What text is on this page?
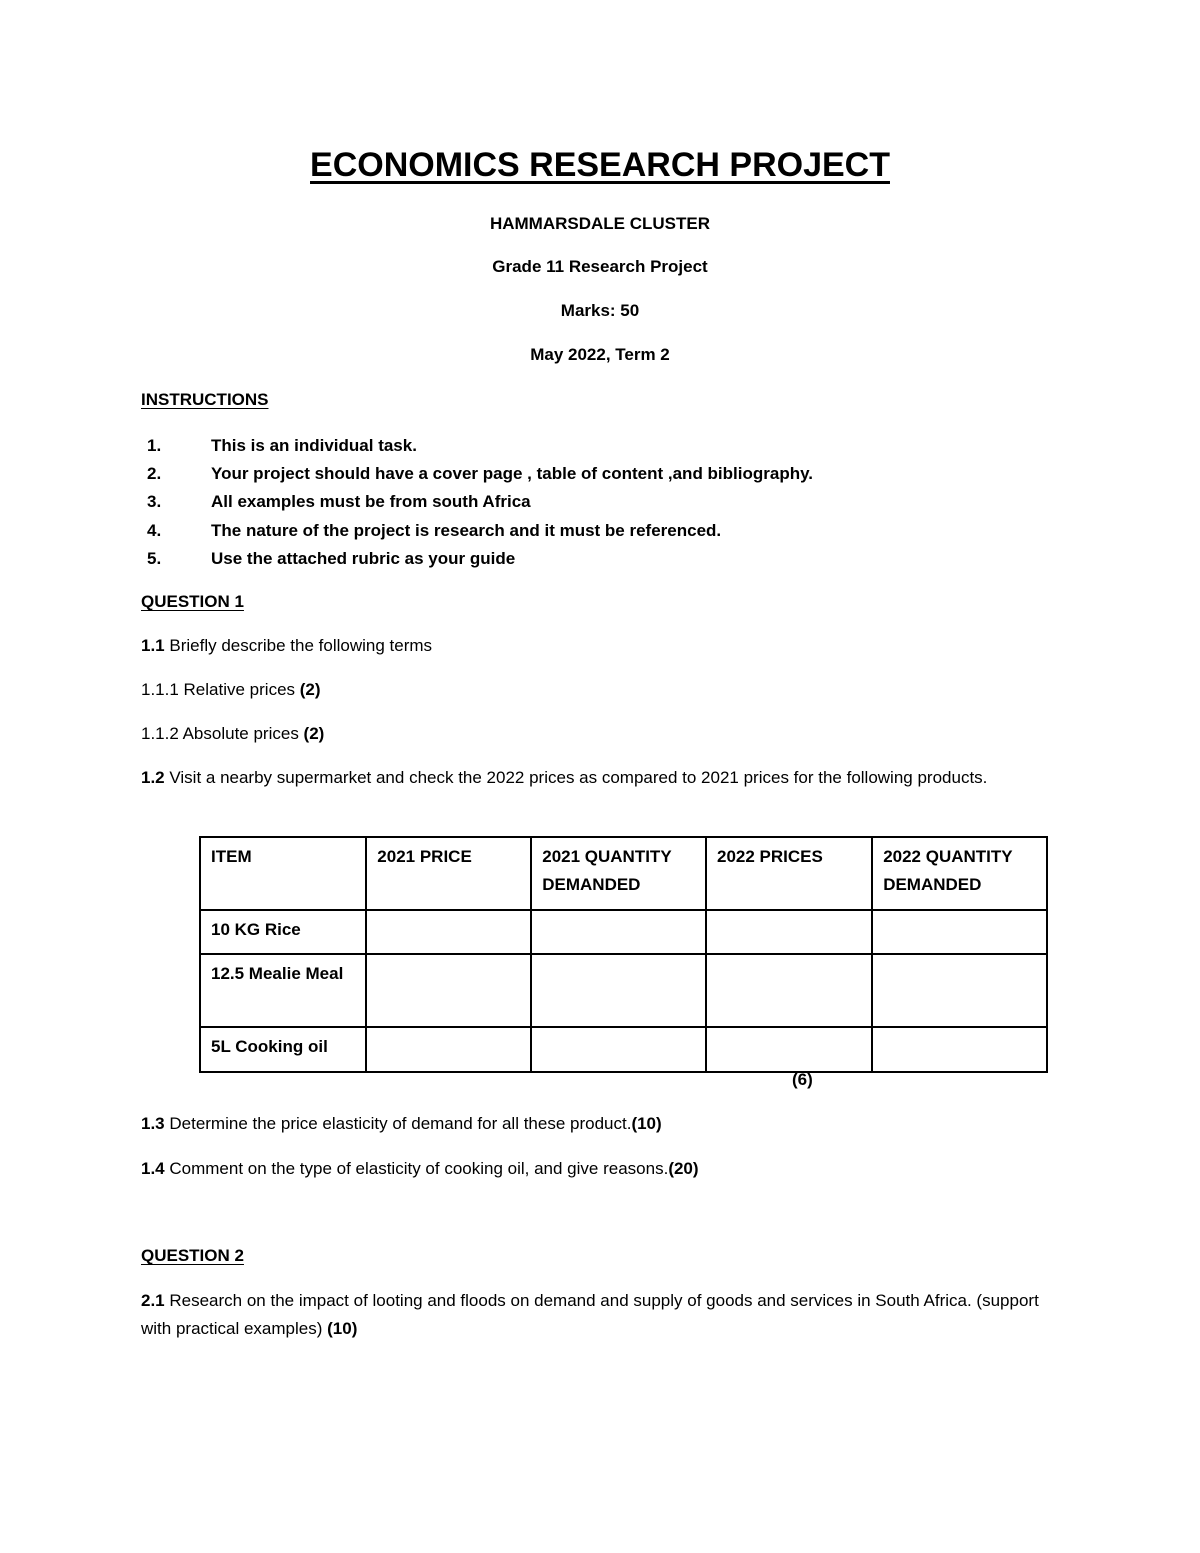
ECONOMICS RESEARCH PROJECT
HAMMARSDALE CLUSTER
Grade 11 Research Project
Marks: 50
May 2022, Term 2
INSTRUCTIONS
1.	This is an individual task.
2.	Your project should have a cover page , table of content ,and bibliography.
3.	All examples must be from south Africa
4.	The nature of the project is research and it must be referenced.
5.	Use the attached rubric as your guide
QUESTION 1
1.1 Briefly describe the following terms
1.1.1 Relative prices (2)
1.1.2 Absolute prices (2)
1.2 Visit a nearby supermarket and check the 2022 prices as compared to 2021 prices for the following products.
ITEM	2021 PRICE	2021 QUANTITY DEMANDED	2022 PRICES	2022 QUANTITY DEMANDED
10 KG Rice				
12.5 Mealie Meal				
5L Cooking oil				
(6)
1.3 Determine the price elasticity of demand for all these product.(10)
1.4 Comment on the type of elasticity of cooking oil, and give reasons.(20)
QUESTION 2
2.1 Research on the impact of looting and floods on demand and supply of goods and services in South Africa. (support with practical examples) (10)
